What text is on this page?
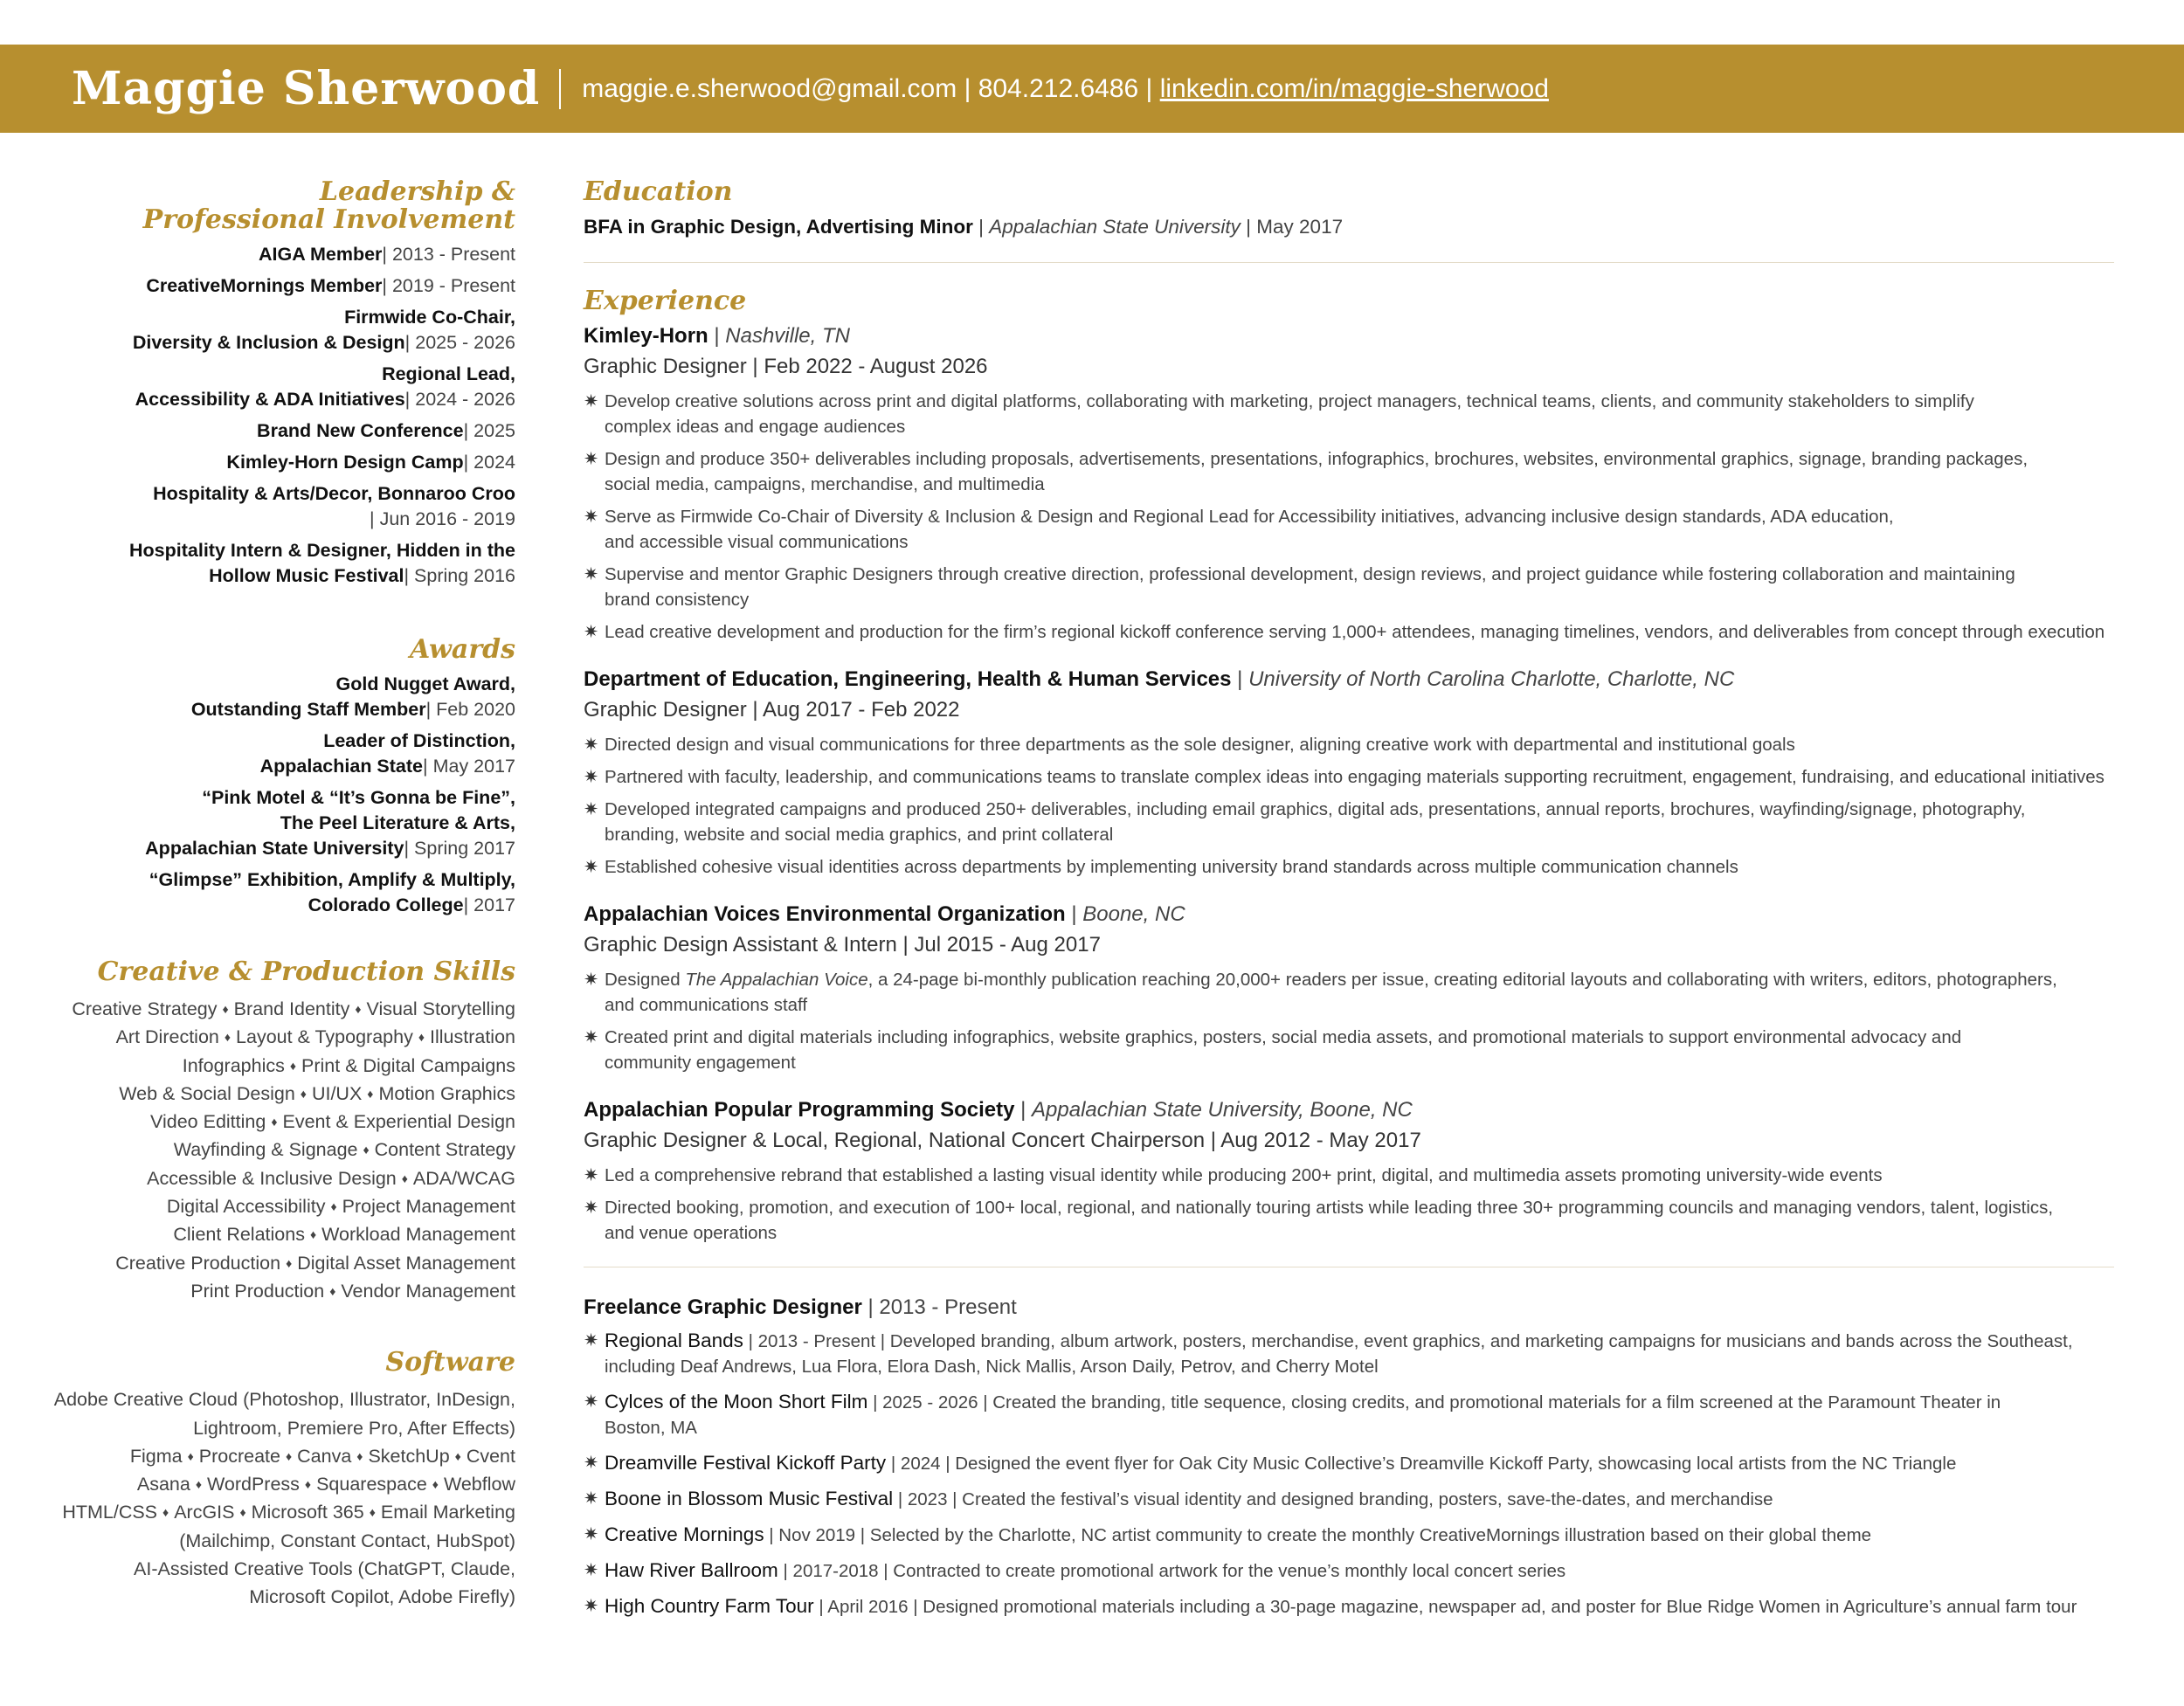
Maggie Sherwood maggie.e.sherwood@gmail.com | 804.212.6486 | linkedin.com/in/maggie-sherwood
Leadership &
Professional Involvement
AIGA Member| 2013 - Present
CreativeMornings Member| 2019 - Present
Firmwide Co-Chair,
Diversity & Inclusion & Design| 2025 - 2026
Regional Lead,
Accessibility & ADA Initiatives| 2024 - 2026
Brand New Conference| 2025
Kimley-Horn Design Camp| 2024
Hospitality & Arts/Decor, Bonnaroo Croo
| Jun 2016 - 2019
Hospitality Intern & Designer, Hidden in the
Hollow Music Festival| Spring 2016
Awards
Gold Nugget Award,
Outstanding Staff Member| Feb 2020
Leader of Distinction,
Appalachian State| May 2017
“Pink Motel & “It’s Gonna be Fine”,
The Peel Literature & Arts,
Appalachian State University| Spring 2017
“Glimpse” Exhibition, Amplify & Multiply,
Colorado College| 2017
Creative & Production Skills
Creative Strategy ♦ Brand Identity ♦ Visual Storytelling
Art Direction ♦ Layout & Typography ♦ Illustration
Infographics ♦ Print & Digital Campaigns
Web & Social Design ♦ UI/UX ♦ Motion Graphics
Video Editting ♦ Event & Experiential Design
Wayfinding & Signage ♦ Content Strategy
Accessible & Inclusive Design ♦ ADA/WCAG
Digital Accessibility ♦ Project Management
Client Relations ♦ Workload Management
Creative Production ♦ Digital Asset Management
Print Production ♦ Vendor Management
Software
Adobe Creative Cloud (Photoshop, Illustrator, InDesign,
Lightroom, Premiere Pro, After Effects)
Figma ♦ Procreate ♦ Canva ♦ SketchUp ♦ Cvent
Asana ♦ WordPress ♦ Squarespace ♦ Webflow
HTML/CSS ♦ ArcGIS ♦ Microsoft 365 ♦ Email Marketing
(Mailchimp, Constant Contact, HubSpot)
AI-Assisted Creative Tools (ChatGPT, Claude,
Microsoft Copilot, Adobe Firefly)
Education
BFA in Graphic Design, Advertising Minor | Appalachian State University | May 2017
Experience
Kimley-Horn | Nashville, TN
Graphic Designer | Feb 2022 - August 2026
✷ Develop creative solutions across print and digital platforms, collaborating with marketing, project managers, technical teams, clients, and community stakeholders to simplify
complex ideas and engage audiences
✷ Design and produce 350+ deliverables including proposals, advertisements, presentations, infographics, brochures, websites, environmental graphics, signage, branding packages,
social media, campaigns, merchandise, and multimedia
✷ Serve as Firmwide Co-Chair of Diversity & Inclusion & Design and Regional Lead for Accessibility initiatives, advancing inclusive design standards, ADA education,
and accessible visual communications
✷ Supervise and mentor Graphic Designers through creative direction, professional development, design reviews, and project guidance while fostering collaboration and maintaining
brand consistency
✷ Lead creative development and production for the firm’s regional kickoff conference serving 1,000+ attendees, managing timelines, vendors, and deliverables from concept through execution
Department of Education, Engineering, Health & Human Services | University of North Carolina Charlotte, Charlotte, NC
Graphic Designer | Aug 2017 - Feb 2022
✷ Directed design and visual communications for three departments as the sole designer, aligning creative work with departmental and institutional goals
✷ Partnered with faculty, leadership, and communications teams to translate complex ideas into engaging materials supporting recruitment, engagement, fundraising, and educational initiatives
✷ Developed integrated campaigns and produced 250+ deliverables, including email graphics, digital ads, presentations, annual reports, brochures, wayfinding/signage, photography,
branding, website and social media graphics, and print collateral
✷ Established cohesive visual identities across departments by implementing university brand standards across multiple communication channels
Appalachian Voices Environmental Organization | Boone, NC
Graphic Design Assistant & Intern | Jul 2015 - Aug 2017
✷ Designed The Appalachian Voice, a 24-page bi-monthly publication reaching 20,000+ readers per issue, creating editorial layouts and collaborating with writers, editors, photographers,
and communications staff
✷ Created print and digital materials including infographics, website graphics, posters, social media assets, and promotional materials to support environmental advocacy and
community engagement
Appalachian Popular Programming Society | Appalachian State University, Boone, NC
Graphic Designer & Local, Regional, National Concert Chairperson | Aug 2012 - May 2017
✷ Led a comprehensive rebrand that established a lasting visual identity while producing 200+ print, digital, and multimedia assets promoting university-wide events
✷ Directed booking, promotion, and execution of 100+ local, regional, and nationally touring artists while leading three 30+ programming councils and managing vendors, talent, logistics,
and venue operations
Freelance Graphic Designer | 2013 - Present
✷ Regional Bands | 2013 - Present | Developed branding, album artwork, posters, merchandise, event graphics, and marketing campaigns for musicians and bands across the Southeast,
including Deaf Andrews, Lua Flora, Elora Dash, Nick Mallis, Arson Daily, Petrov, and Cherry Motel
✷ Cylces of the Moon Short Film | 2025 - 2026 | Created the branding, title sequence, closing credits, and promotional materials for a film screened at the Paramount Theater in
Boston, MA
✷ Dreamville Festival Kickoff Party | 2024 | Designed the event flyer for Oak City Music Collective’s Dreamville Kickoff Party, showcasing local artists from the NC Triangle
✷ Boone in Blossom Music Festival | 2023 | Created the festival’s visual identity and designed branding, posters, save-the-dates, and merchandise
✷ Creative Mornings | Nov 2019 | Selected by the Charlotte, NC artist community to create the monthly CreativeMornings illustration based on their global theme
✷ Haw River Ballroom | 2017-2018 | Contracted to create promotional artwork for the venue’s monthly local concert series
✷ High Country Farm Tour | April 2016 | Designed promotional materials including a 30-page magazine, newspaper ad, and poster for Blue Ridge Women in Agriculture’s annual farm tour
